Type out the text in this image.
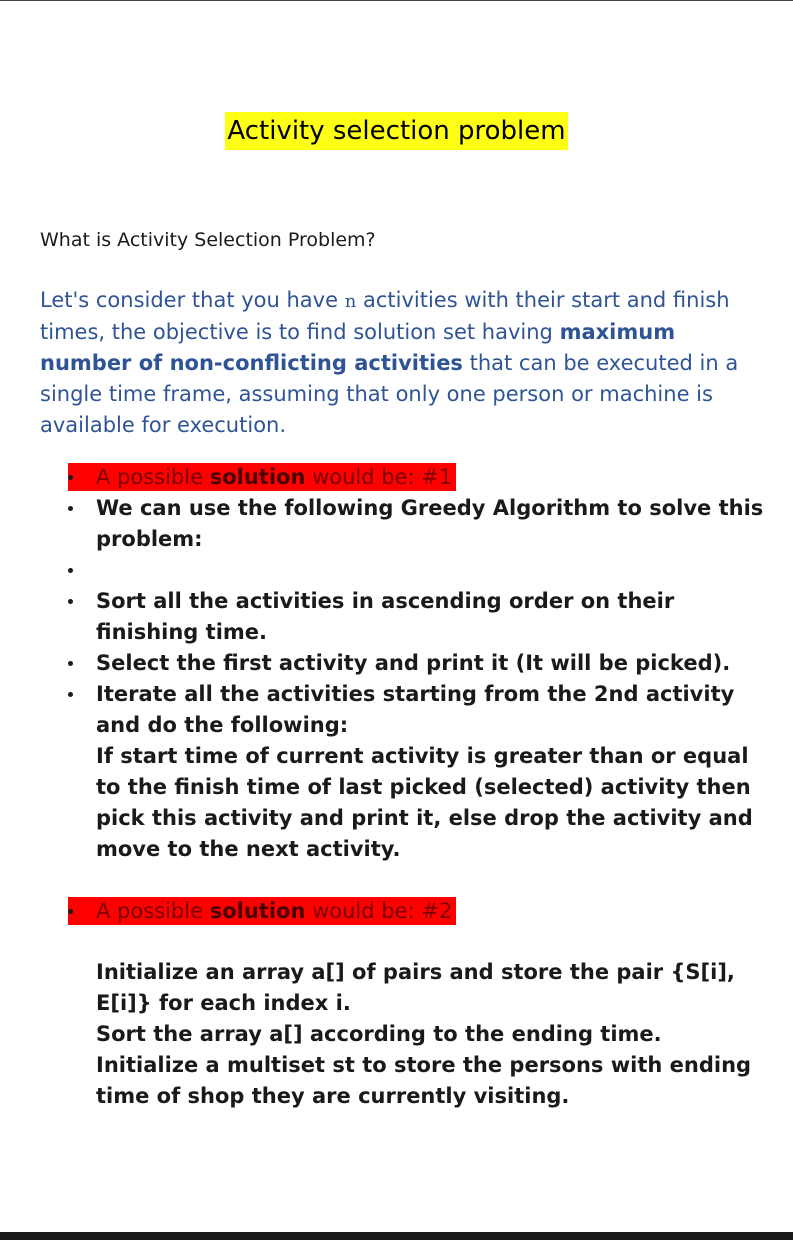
Activity selection problem
What is Activity Selection Problem?
Let's consider that you have n activities with their start and finish times, the objective is to find solution set having maximum number of non-conflicting activities that can be executed in a single time frame, assuming that only one person or machine is available for execution.
A possible solution would be: #1
We can use the following Greedy Algorithm to solve this problem:
Sort all the activities in ascending order on their finishing time.
Select the first activity and print it (It will be picked).
Iterate all the activities starting from the 2nd activity and do the following:
If start time of current activity is greater than or equal to the finish time of last picked (selected) activity then pick this activity and print it, else drop the activity and move to the next activity.
A possible solution would be: #2
Initialize an array a[] of pairs and store the pair {S[i], E[i]} for each index i.
Sort the array a[] according to the ending time.
Initialize a multiset st to store the persons with ending time of shop they are currently visiting.
